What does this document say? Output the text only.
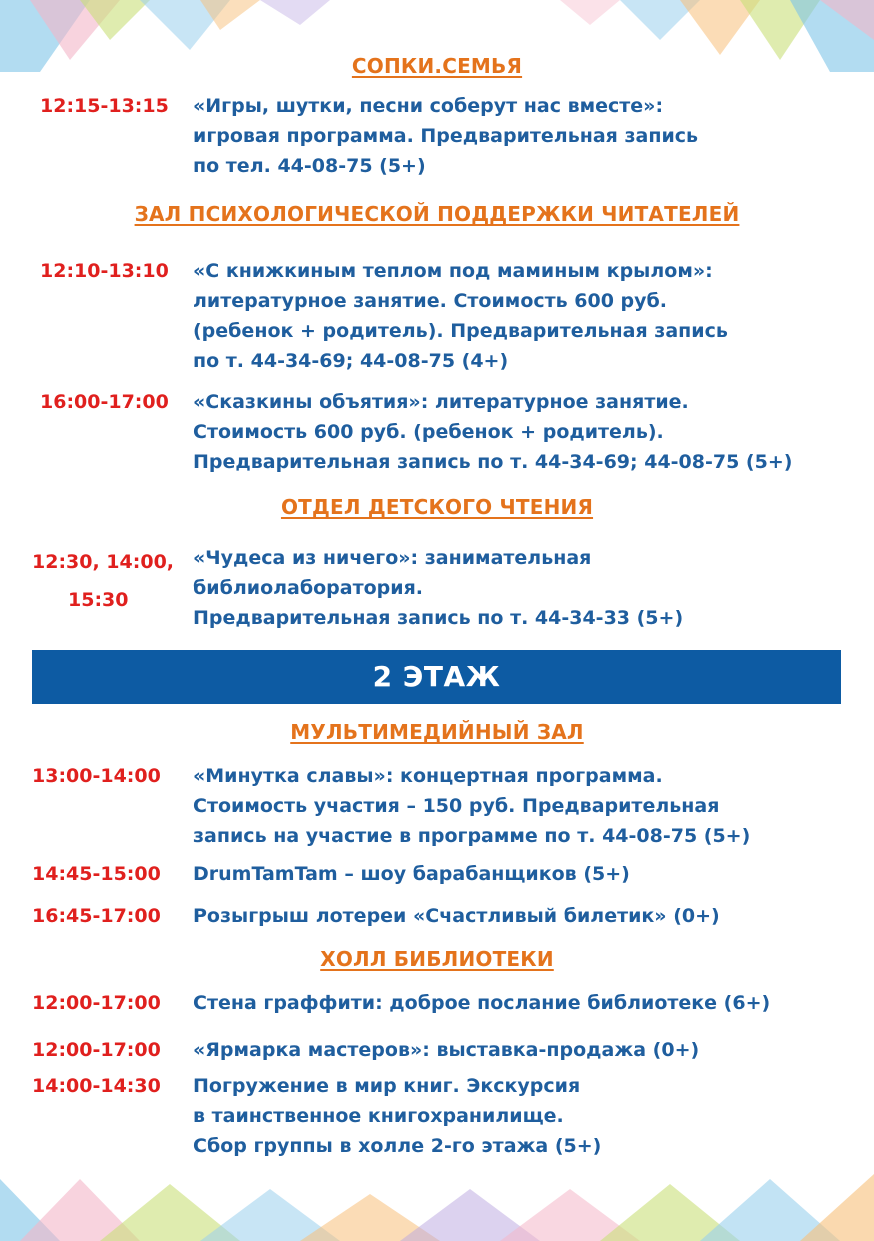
СОПКИ.СЕМЬЯ
12:15-13:15 «Игры, шутки, песни соберут нас вместе»:
игровая программа. Предварительная запись
по тел. 44-08-75 (5+)
ЗАЛ ПСИХОЛОГИЧЕСКОЙ ПОДДЕРЖКИ ЧИТАТЕЛЕЙ
12:10-13:10 «С книжкиным теплом под маминым крылом»:
литературное занятие. Стоимость 600 руб.
(ребенок + родитель). Предварительная запись
по т. 44-34-69; 44-08-75 (4+)
16:00-17:00 «Сказкины объятия»: литературное занятие.
Стоимость 600 руб. (ребенок + родитель).
Предварительная запись по т. 44-34-69; 44-08-75 (5+)
ОТДЕЛ ДЕТСКОГО ЧТЕНИЯ
12:30, 14:00,
15:30
«Чудеса из ничего»: занимательная
библиолаборатория.
Предварительная запись по т. 44-34-33 (5+)
2 ЭТАЖ
МУЛЬТИМЕДИЙНЫЙ ЗАЛ
13:00-14:00 «Минутка славы»: концертная программа.
Стоимость участия – 150 руб. Предварительная
запись на участие в программе по т. 44-08-75 (5+)
14:45-15:00 DrumTamTam – шоу барабанщиков (5+)
16:45-17:00 Розыгрыш лотереи «Счастливый билетик» (0+)
ХОЛЛ БИБЛИОТЕКИ
12:00-17:00 Стена граффити: доброе послание библиотеке (6+)
12:00-17:00 «Ярмарка мастеров»: выставка-продажа (0+)
14:00-14:30 Погружение в мир книг. Экскурсия
в таинственное книгохранилище.
Сбор группы в холле 2-го этажа (5+)
